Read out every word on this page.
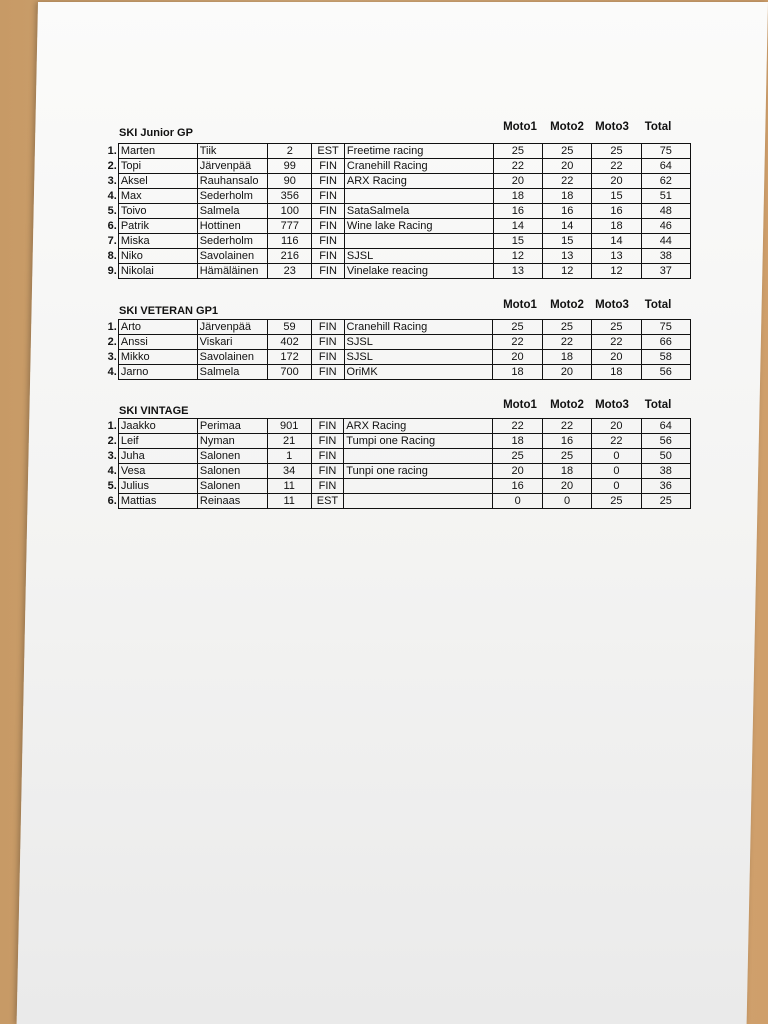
SKI Junior GP	Moto1	Moto2 Moto3	Total
1.	Marten	Tiik	2	EST	Freetime racing	25	25	25	75
2.	Topi	Järvenpää	99	FIN	Cranehill Racing	22	20	22	64
3.	Aksel	Rauhansalo	90	FIN	ARX Racing	20	22	20	62
4.	Max	Sederholm	356	FIN		18	18	15	51
5.	Toivo	Salmela	100	FIN	SataSalmela	16	16	16	48
6.	Patrik	Hottinen	777	FIN	Wine lake Racing	14	14	18	46
7.	Miska	Sederholm	116	FIN		15	15	14	44
8.	Niko	Savolainen	216	FIN	SJSL	12	13	13	38
9.	Nikolai	Hämäläinen	23	FIN	Vinelake reacing	13	12	12	37
SKI VETERAN GP1	Moto1	Moto2 Moto3	Total
1.	Arto	Järvenpää	59	FIN	Cranehill Racing	25	25	25	75
2.	Anssi	Viskari	402	FIN	SJSL	22	22	22	66
3.	Mikko	Savolainen	172	FIN	SJSL	20	18	20	58
4.	Jarno	Salmela	700	FIN	OriMK	18	20	18	56
SKI VINTAGE	Moto1	Moto2 Moto3	Total
1.	Jaakko	Perimaa	901	FIN	ARX Racing	22	22	20	64
2.	Leif	Nyman	21	FIN	Tumpi one Racing	18	16	22	56
3.	Juha	Salonen	1	FIN		25	25	0	50
4.	Vesa	Salonen	34	FIN	Tunpi one racing	20	18	0	38
5.	Julius	Salonen	11	FIN		16	20	0	36
6.	Mattias	Reinaas	11	EST		0	0	25	25
